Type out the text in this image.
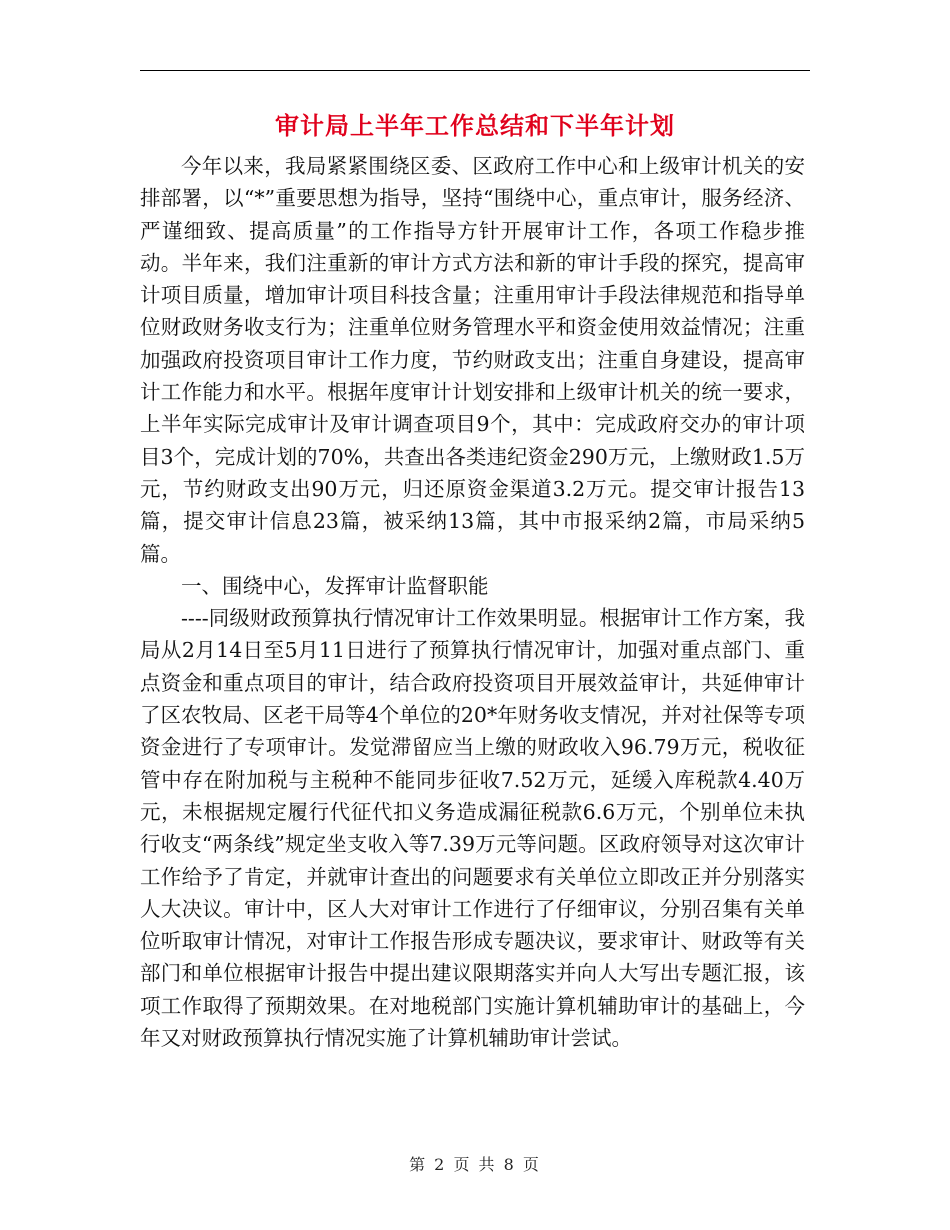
审计局上半年工作总结和下半年计划

今年以来，我局紧紧围绕区委、区政府工作中心和上级审计机关的安排部署，以“*”重要思想为指导，坚持“围绕中心，重点审计，服务经济、严谨细致、提高质量”的工作指导方针开展审计工作，各项工作稳步推动。半年来，我们注重新的审计方式方法和新的审计手段的探究，提高审计项目质量，增加审计项目科技含量；注重用审计手段法律规范和指导单位财政财务收支行为；注重单位财务管理水平和资金使用效益情况；注重加强政府投资项目审计工作力度，节约财政支出；注重自身建设，提高审计工作能力和水平。根据年度审计计划安排和上级审计机关的统一要求，上半年实际完成审计及审计调查项目9个，其中：完成政府交办的审计项目3个，完成计划的70%，共查出各类违纪资金290万元，上缴财政1.5万元，节约财政支出90万元，归还原资金渠道3.2万元。提交审计报告13篇，提交审计信息23篇，被采纳13篇，其中市报采纳2篇，市局采纳5篇。

一、围绕中心，发挥审计监督职能

----同级财政预算执行情况审计工作效果明显。根据审计工作方案，我局从2月14日至5月11日进行了预算执行情况审计，加强对重点部门、重点资金和重点项目的审计，结合政府投资项目开展效益审计，共延伸审计了区农牧局、区老干局等4个单位的20*年财务收支情况，并对社保等专项资金进行了专项审计。发觉滞留应当上缴的财政收入96.79万元，税收征管中存在附加税与主税种不能同步征收7.52万元，延缓入库税款4.40万元，未根据规定履行代征代扣义务造成漏征税款6.6万元，个别单位未执行收支“两条线”规定坐支收入等7.39万元等问题。区政府领导对这次审计工作给予了肯定，并就审计查出的问题要求有关单位立即改正并分别落实人大决议。审计中，区人大对审计工作进行了仔细审议，分别召集有关单位听取审计情况，对审计工作报告形成专题决议，要求审计、财政等有关部门和单位根据审计报告中提出建议限期落实并向人大写出专题汇报，该项工作取得了预期效果。在对地税部门实施计算机辅助审计的基础上，今年又对财政预算执行情况实施了计算机辅助审计尝试。

第 2 页 共 8 页
